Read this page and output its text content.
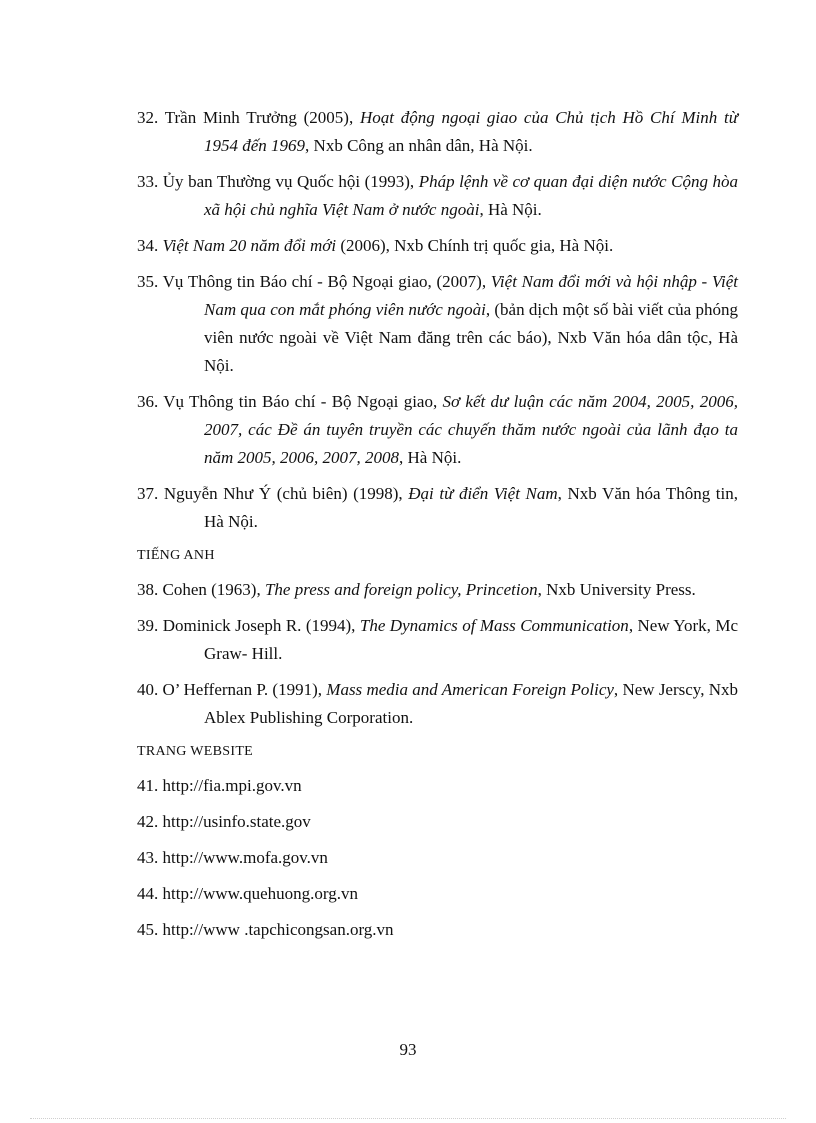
32. Trần Minh Trưởng (2005), Hoạt động ngoại giao của Chủ tịch Hồ Chí Minh từ 1954 đến 1969, Nxb Công an nhân dân, Hà Nội.

33. Ủy ban Thường vụ Quốc hội (1993), Pháp lệnh về cơ quan đại diện nước Cộng hòa xã hội chủ nghĩa Việt Nam ở nước ngoài, Hà Nội.

34. Việt Nam 20 năm đổi mới (2006), Nxb Chính trị quốc gia, Hà Nội.

35. Vụ Thông tin Báo chí - Bộ Ngoại giao, (2007), Việt Nam đổi mới và hội nhập - Việt Nam qua con mắt phóng viên nước ngoài, (bản dịch một số bài viết của phóng viên nước ngoài về Việt Nam đăng trên các báo), Nxb Văn hóa dân tộc, Hà Nội.

36. Vụ Thông tin Báo chí - Bộ Ngoại giao, Sơ kết dư luận các năm 2004, 2005, 2006, 2007, các Đề án tuyên truyền các chuyến thăm nước ngoài của lãnh đạo ta năm 2005, 2006, 2007, 2008, Hà Nội.

37. Nguyễn Như Ý (chủ biên) (1998), Đại từ điển Việt Nam, Nxb Văn hóa Thông tin, Hà Nội.

TIẾNG ANH

38. Cohen (1963), The press and foreign policy, Princetion, Nxb University Press.

39. Dominick Joseph R. (1994), The Dynamics of Mass Communication, New York, Mc Graw- Hill.

40. O’ Heffernan P. (1991), Mass media and American Foreign Policy, New Jerscy, Nxb Ablex Publishing Corporation.

TRANG WEBSITE

41. http://fia.mpi.gov.vn

42. http://usinfo.state.gov

43. http://www.mofa.gov.vn

44. http://www.quehuong.org.vn

45. http://www .tapchicongsan.org.vn

93
